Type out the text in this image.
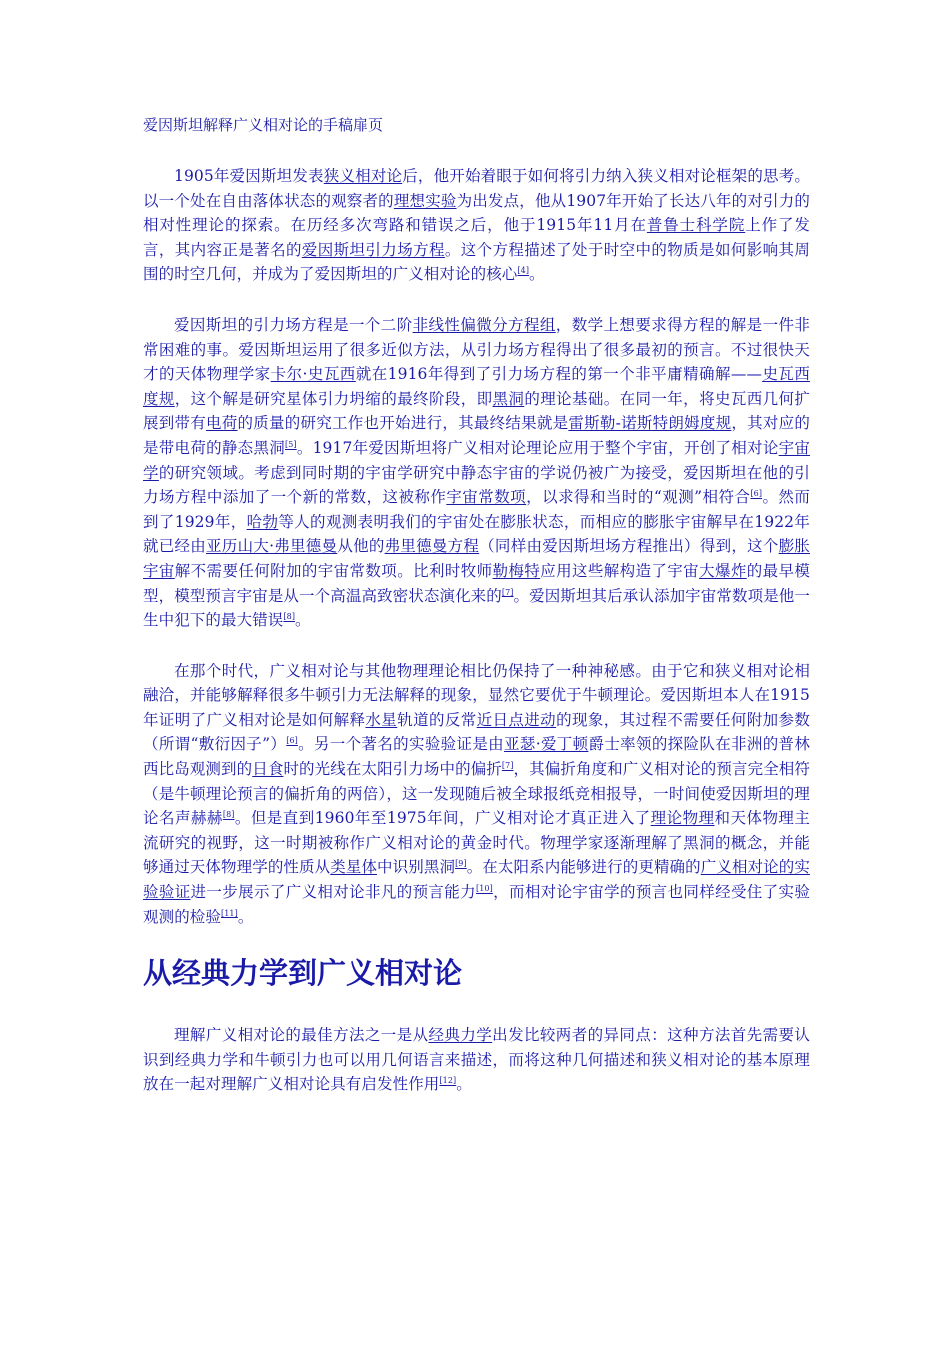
爱因斯坦解释广义相对论的手稿扉页

1905年爱因斯坦发表狭义相对论后，他开始着眼于如何将引力纳入狭义相对论框架的思考。以一个处在自由落体状态的观察者的理想实验为出发点，他从1907年开始了长达八年的对引力的相对性理论的探索。在历经多次弯路和错误之后，他于1915年11月在普鲁士科学院上作了发言，其内容正是著名的爱因斯坦引力场方程。这个方程描述了处于时空中的物质是如何影响其周围的时空几何，并成为了爱因斯坦的广义相对论的核心[4]。

爱因斯坦的引力场方程是一个二阶非线性偏微分方程组，数学上想要求得方程的解是一件非常困难的事。爱因斯坦运用了很多近似方法，从引力场方程得出了很多最初的预言。不过很快天才的天体物理学家卡尔·史瓦西就在1916年得到了引力场方程的第一个非平庸精确解——史瓦西度规，这个解是研究星体引力坍缩的最终阶段，即黑洞的理论基础。在同一年，将史瓦西几何扩展到带有电荷的质量的研究工作也开始进行，其最终结果就是雷斯勒-诺斯特朗姆度规，其对应的是带电荷的静态黑洞[5]。1917年爱因斯坦将广义相对论理论应用于整个宇宙，开创了相对论宇宙学的研究领域。考虑到同时期的宇宙学研究中静态宇宙的学说仍被广为接受，爱因斯坦在他的引力场方程中添加了一个新的常数，这被称作宇宙常数项，以求得和当时的“观测”相符合[6]。然而到了1929年，哈勃等人的观测表明我们的宇宙处在膨胀状态，而相应的膨胀宇宙解早在1922年就已经由亚历山大·弗里德曼从他的弗里德曼方程（同样由爱因斯坦场方程推出）得到，这个膨胀宇宙解不需要任何附加的宇宙常数项。比利时牧师勒梅特应用这些解构造了宇宙大爆炸的最早模型，模型预言宇宙是从一个高温高致密状态演化来的[7]。爱因斯坦其后承认添加宇宙常数项是他一生中犯下的最大错误[8]。

在那个时代，广义相对论与其他物理理论相比仍保持了一种神秘感。由于它和狭义相对论相融洽，并能够解释很多牛顿引力无法解释的现象，显然它要优于牛顿理论。爱因斯坦本人在1915年证明了广义相对论是如何解释水星轨道的反常近日点进动的现象，其过程不需要任何附加参数（所谓“敷衍因子”）[6]。另一个著名的实验验证是由亚瑟·爱丁顿爵士率领的探险队在非洲的普林西比岛观测到的日食时的光线在太阳引力场中的偏折[7]，其偏折角度和广义相对论的预言完全相符（是牛顿理论预言的偏折角的两倍），这一发现随后被全球报纸竞相报导，一时间使爱因斯坦的理论名声赫赫[8]。但是直到1960年至1975年间，广义相对论才真正进入了理论物理和天体物理主流研究的视野，这一时期被称作广义相对论的黄金时代。物理学家逐渐理解了黑洞的概念，并能够通过天体物理学的性质从类星体中识别黑洞[9]。在太阳系内能够进行的更精确的广义相对论的实验验证进一步展示了广义相对论非凡的预言能力[10]，而相对论宇宙学的预言也同样经受住了实验观测的检验[11]。

从经典力学到广义相对论

理解广义相对论的最佳方法之一是从经典力学出发比较两者的异同点：这种方法首先需要认识到经典力学和牛顿引力也可以用几何语言来描述，而将这种几何描述和狭义相对论的基本原理放在一起对理解广义相对论具有启发性作用[12]。
